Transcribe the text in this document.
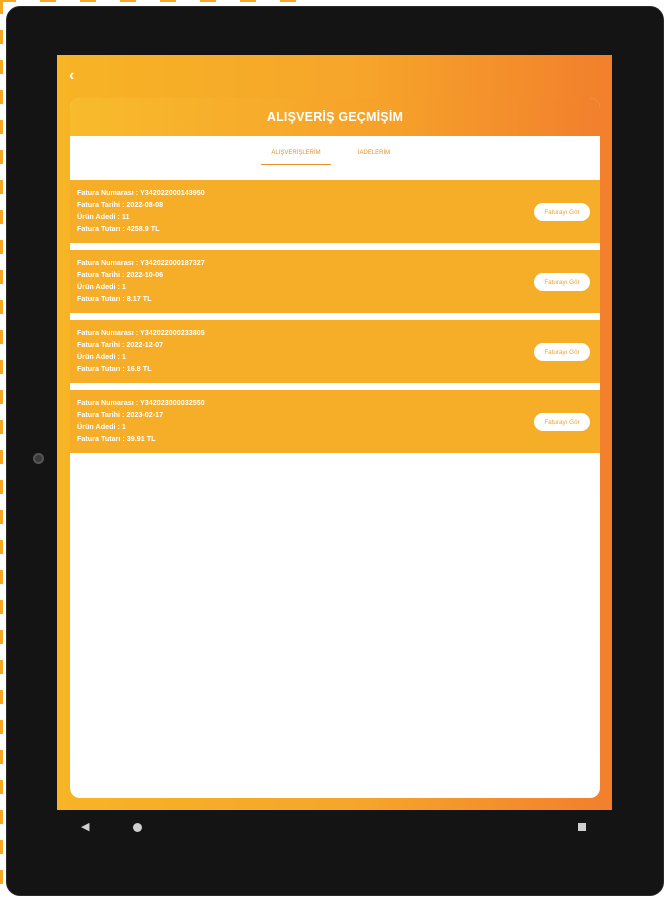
‹
ALIŞVERİŞ GEÇMİŞİM
ALIŞVERİŞLERİM	İADELERİM
Fatura Numarası : Y342022000143950
Fatura Tarihi : 2022-08-08
Ürün Adedi : 11
Fatura Tutarı : 4258.9 TL
Faturayı Gör
Fatura Numarası : Y342022000187327
Fatura Tarihi : 2022-10-06
Ürün Adedi : 1
Fatura Tutarı : 8.17 TL
Faturayı Gör
Fatura Numarası : Y342022000233805
Fatura Tarihi : 2022-12-07
Ürün Adedi : 1
Fatura Tutarı : 16.8 TL
Faturayı Gör
Fatura Numarası : Y342023000032550
Fatura Tarihi : 2023-02-17
Ürün Adedi : 1
Fatura Tutarı : 39.91 TL
Faturayı Gör
◀
